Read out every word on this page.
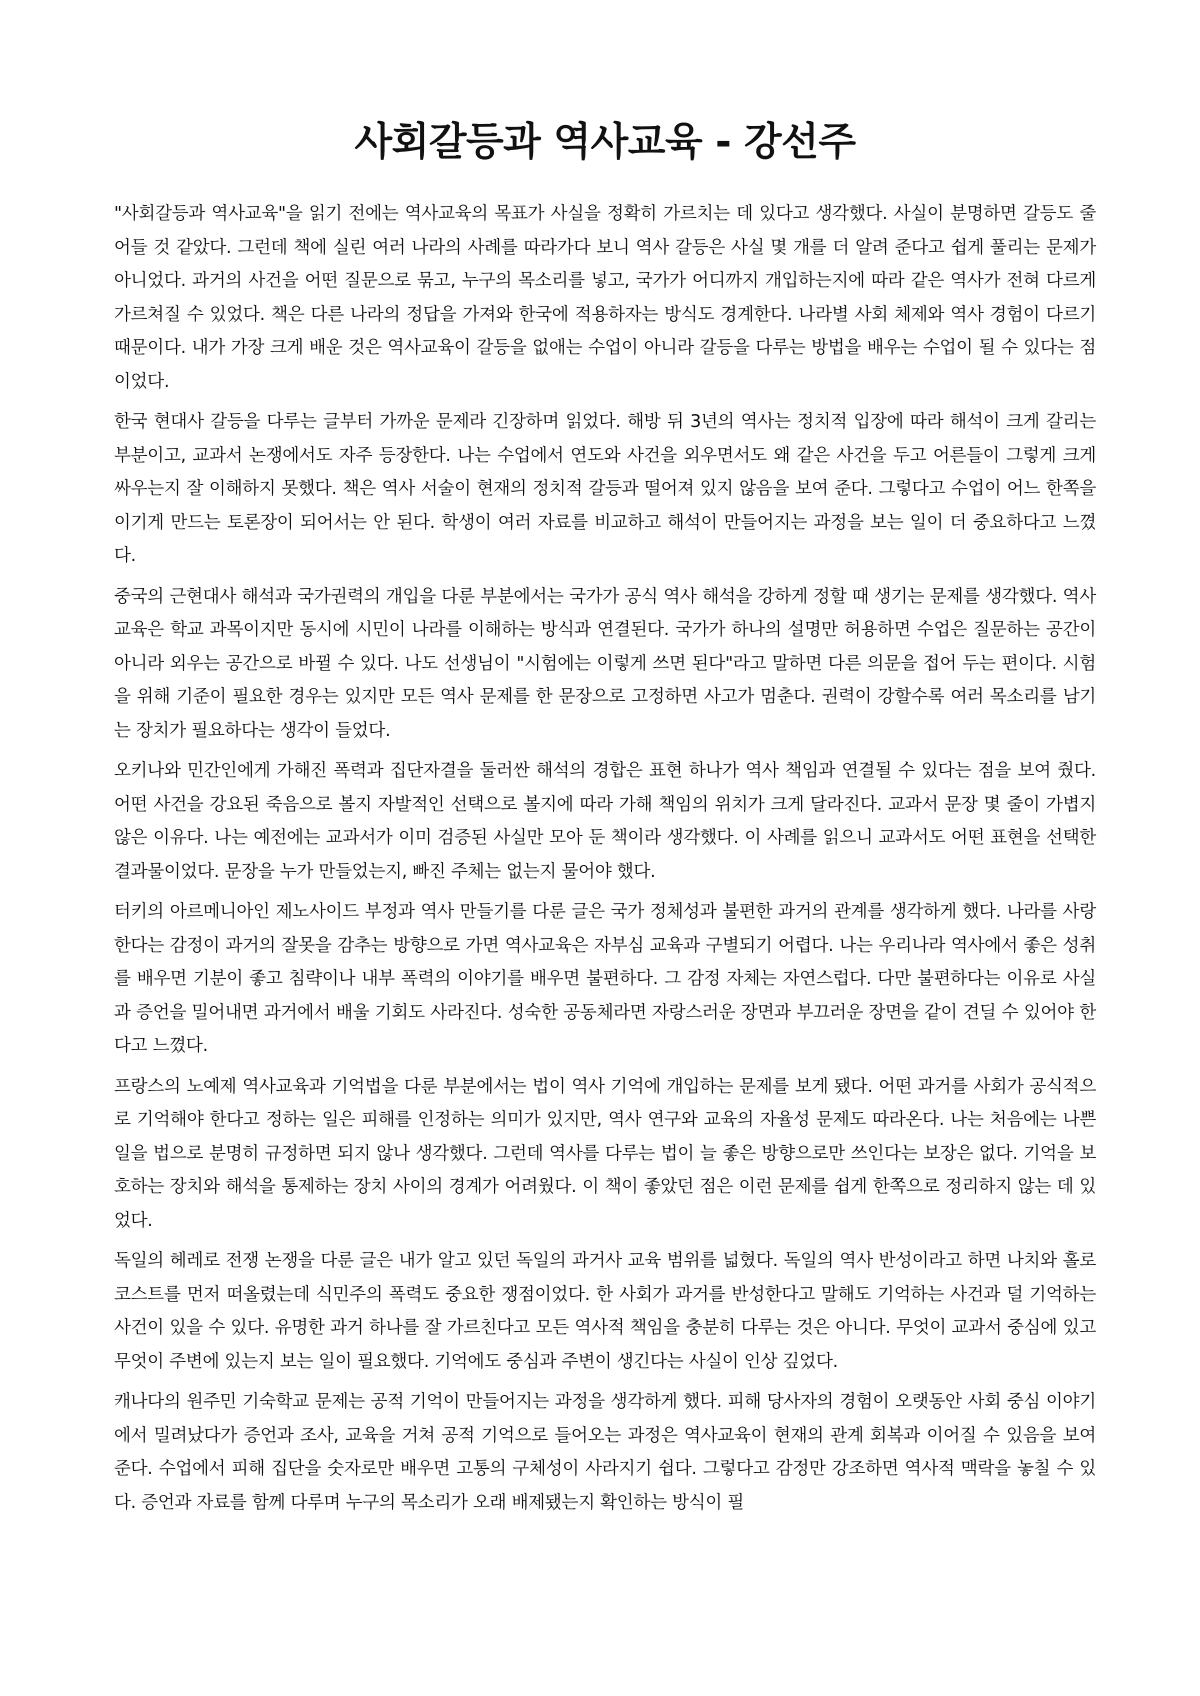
사회갈등과 역사교육 - 강선주

"사회갈등과 역사교육"을 읽기 전에는 역사교육의 목표가 사실을 정확히 가르치는 데 있다고 생각했다. 사실이 분명하면 갈등도 줄어들 것 같았다. 그런데 책에 실린 여러 나라의 사례를 따라가다 보니 역사 갈등은 사실 몇 개를 더 알려 준다고 쉽게 풀리는 문제가 아니었다. 과거의 사건을 어떤 질문으로 묶고, 누구의 목소리를 넣고, 국가가 어디까지 개입하는지에 따라 같은 역사가 전혀 다르게 가르쳐질 수 있었다. 책은 다른 나라의 정답을 가져와 한국에 적용하자는 방식도 경계한다. 나라별 사회 체제와 역사 경험이 다르기 때문이다. 내가 가장 크게 배운 것은 역사교육이 갈등을 없애는 수업이 아니라 갈등을 다루는 방법을 배우는 수업이 될 수 있다는 점이었다.

한국 현대사 갈등을 다루는 글부터 가까운 문제라 긴장하며 읽었다. 해방 뒤 3년의 역사는 정치적 입장에 따라 해석이 크게 갈리는 부분이고, 교과서 논쟁에서도 자주 등장한다. 나는 수업에서 연도와 사건을 외우면서도 왜 같은 사건을 두고 어른들이 그렇게 크게 싸우는지 잘 이해하지 못했다. 책은 역사 서술이 현재의 정치적 갈등과 떨어져 있지 않음을 보여 준다. 그렇다고 수업이 어느 한쪽을 이기게 만드는 토론장이 되어서는 안 된다. 학생이 여러 자료를 비교하고 해석이 만들어지는 과정을 보는 일이 더 중요하다고 느꼈다.

중국의 근현대사 해석과 국가권력의 개입을 다룬 부분에서는 국가가 공식 역사 해석을 강하게 정할 때 생기는 문제를 생각했다. 역사교육은 학교 과목이지만 동시에 시민이 나라를 이해하는 방식과 연결된다. 국가가 하나의 설명만 허용하면 수업은 질문하는 공간이 아니라 외우는 공간으로 바뀔 수 있다. 나도 선생님이 "시험에는 이렇게 쓰면 된다"라고 말하면 다른 의문을 접어 두는 편이다. 시험을 위해 기준이 필요한 경우는 있지만 모든 역사 문제를 한 문장으로 고정하면 사고가 멈춘다. 권력이 강할수록 여러 목소리를 남기는 장치가 필요하다는 생각이 들었다.

오키나와 민간인에게 가해진 폭력과 집단자결을 둘러싼 해석의 경합은 표현 하나가 역사 책임과 연결될 수 있다는 점을 보여 줬다. 어떤 사건을 강요된 죽음으로 볼지 자발적인 선택으로 볼지에 따라 가해 책임의 위치가 크게 달라진다. 교과서 문장 몇 줄이 가볍지 않은 이유다. 나는 예전에는 교과서가 이미 검증된 사실만 모아 둔 책이라 생각했다. 이 사례를 읽으니 교과서도 어떤 표현을 선택한 결과물이었다. 문장을 누가 만들었는지, 빠진 주체는 없는지 물어야 했다.

터키의 아르메니아인 제노사이드 부정과 역사 만들기를 다룬 글은 국가 정체성과 불편한 과거의 관계를 생각하게 했다. 나라를 사랑한다는 감정이 과거의 잘못을 감추는 방향으로 가면 역사교육은 자부심 교육과 구별되기 어렵다. 나는 우리나라 역사에서 좋은 성취를 배우면 기분이 좋고 침략이나 내부 폭력의 이야기를 배우면 불편하다. 그 감정 자체는 자연스럽다. 다만 불편하다는 이유로 사실과 증언을 밀어내면 과거에서 배울 기회도 사라진다. 성숙한 공동체라면 자랑스러운 장면과 부끄러운 장면을 같이 견딜 수 있어야 한다고 느꼈다.

프랑스의 노예제 역사교육과 기억법을 다룬 부분에서는 법이 역사 기억에 개입하는 문제를 보게 됐다. 어떤 과거를 사회가 공식적으로 기억해야 한다고 정하는 일은 피해를 인정하는 의미가 있지만, 역사 연구와 교육의 자율성 문제도 따라온다. 나는 처음에는 나쁜 일을 법으로 분명히 규정하면 되지 않나 생각했다. 그런데 역사를 다루는 법이 늘 좋은 방향으로만 쓰인다는 보장은 없다. 기억을 보호하는 장치와 해석을 통제하는 장치 사이의 경계가 어려웠다. 이 책이 좋았던 점은 이런 문제를 쉽게 한쪽으로 정리하지 않는 데 있었다.

독일의 헤레로 전쟁 논쟁을 다룬 글은 내가 알고 있던 독일의 과거사 교육 범위를 넓혔다. 독일의 역사 반성이라고 하면 나치와 홀로코스트를 먼저 떠올렸는데 식민주의 폭력도 중요한 쟁점이었다. 한 사회가 과거를 반성한다고 말해도 기억하는 사건과 덜 기억하는 사건이 있을 수 있다. 유명한 과거 하나를 잘 가르친다고 모든 역사적 책임을 충분히 다루는 것은 아니다. 무엇이 교과서 중심에 있고 무엇이 주변에 있는지 보는 일이 필요했다. 기억에도 중심과 주변이 생긴다는 사실이 인상 깊었다.

캐나다의 원주민 기숙학교 문제는 공적 기억이 만들어지는 과정을 생각하게 했다. 피해 당사자의 경험이 오랫동안 사회 중심 이야기에서 밀려났다가 증언과 조사, 교육을 거쳐 공적 기억으로 들어오는 과정은 역사교육이 현재의 관계 회복과 이어질 수 있음을 보여 준다. 수업에서 피해 집단을 숫자로만 배우면 고통의 구체성이 사라지기 쉽다. 그렇다고 감정만 강조하면 역사적 맥락을 놓칠 수 있다. 증언과 자료를 함께 다루며 누구의 목소리가 오래 배제됐는지 확인하는 방식이 필
